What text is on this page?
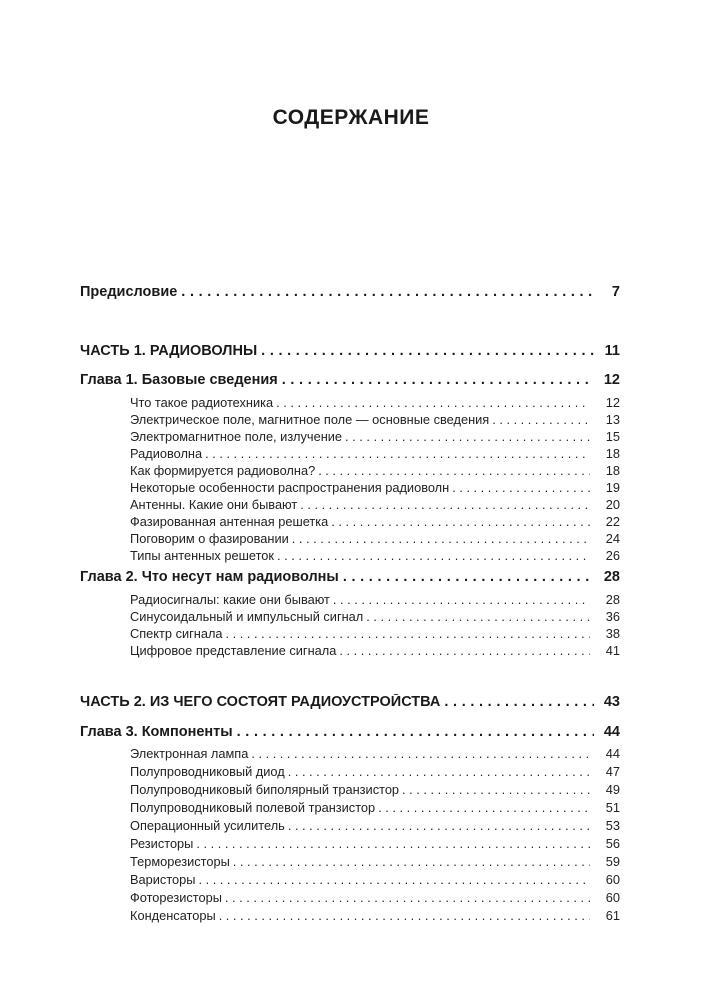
СОДЕРЖАНИЕ
Предисловие . . .	7
ЧАСТЬ 1. РАДИОВОЛНЫ . . .	11
Глава 1. Базовые сведения . . .	12
Что такое радиотехника . . .	12
Электрическое поле, магнитное поле — основные сведения . . .	13
Электромагнитное поле, излучение . . .	15
Радиоволна . . .	18
Как формируется радиоволна? . . .	18
Некоторые особенности распространения радиоволн . . .	19
Антенны. Какие они бывают . . .	20
Фазированная антенная решетка . . .	22
Поговорим о фазировании . . .	24
Типы антенных решеток . . .	26
Глава 2. Что несут нам радиоволны . . .	28
Радиосигналы: какие они бывают . . .	28
Синусоидальный и импульсный сигнал . . .	36
Спектр сигнала . . .	38
Цифровое представление сигнала . . .	41
ЧАСТЬ 2. ИЗ ЧЕГО СОСТОЯТ РАДИОУСТРОЙСТВА . . .	43
Глава 3. Компоненты . . .	44
Электронная лампа . . .	44
Полупроводниковый диод . . .	47
Полупроводниковый биполярный транзистор . . .	49
Полупроводниковый полевой транзистор . . .	51
Операционный усилитель . . .	53
Резисторы . . .	56
Терморезисторы . . .	59
Варисторы . . .	60
Фоторезисторы . . .	60
Конденсаторы . . .	61
